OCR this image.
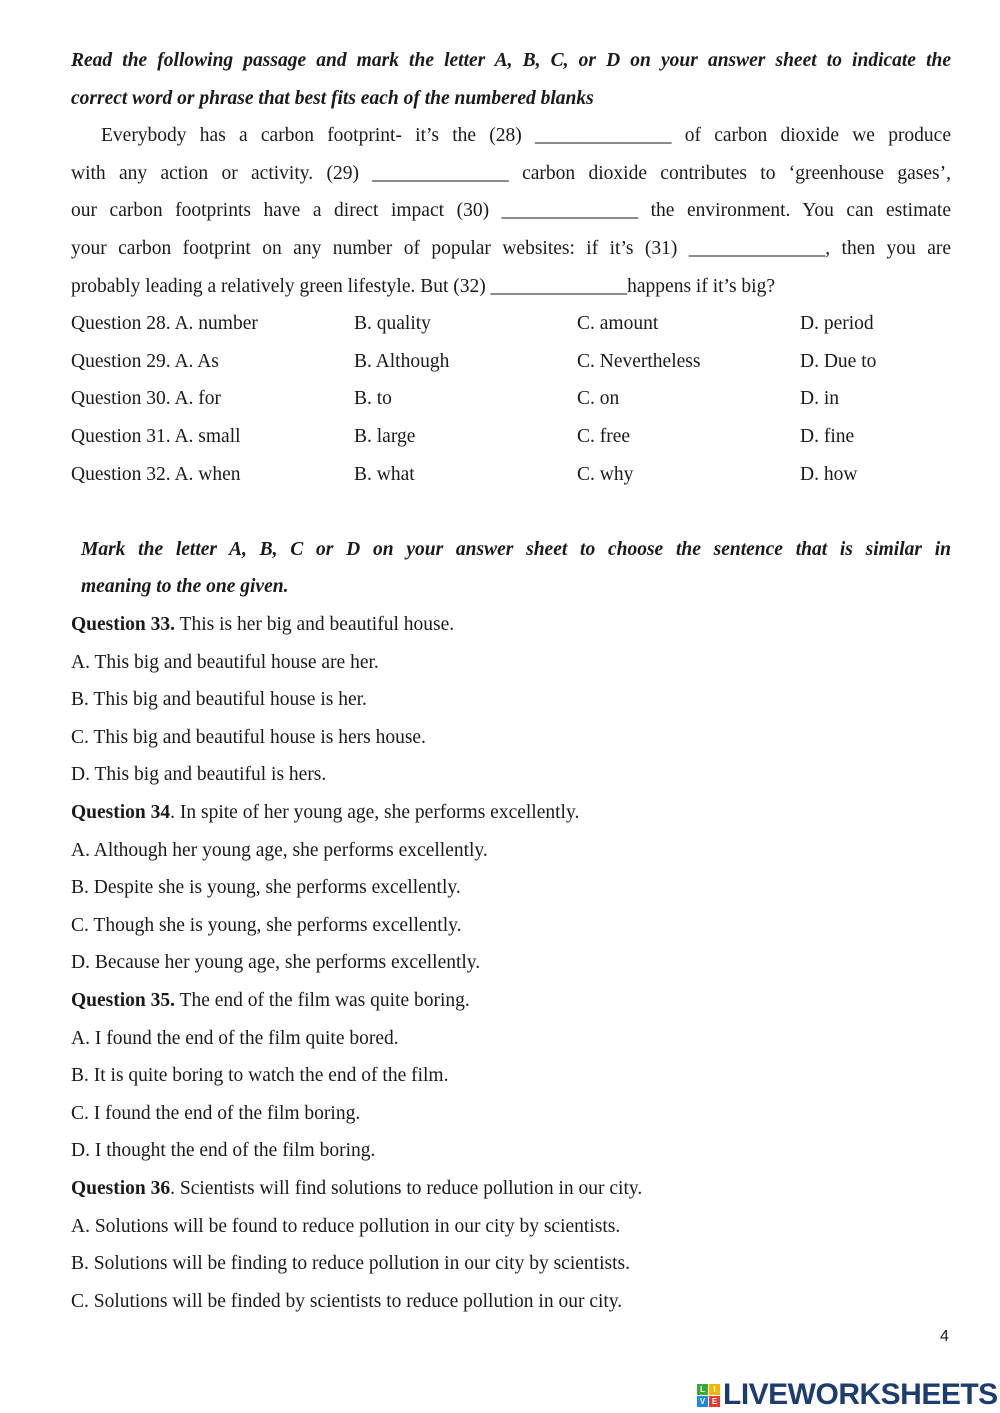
Read the following passage and mark the letter A, B, C, or D on your answer sheet to indicate the
correct word or phrase that best fits each of the numbered blanks
Everybody has a carbon footprint- it’s the (28) ______________ of carbon dioxide we produce
with any action or activity. (29) ______________ carbon dioxide contributes to ‘greenhouse gases’,
our carbon footprints have a direct impact (30) ______________ the environment. You can estimate
your carbon footprint on any number of popular websites: if it’s (31) ______________, then you are
probably leading a relatively green lifestyle. But (32) ______________happens if it’s big?
Question 28. A. number	B. quality	C. amount	D. period
Question 29. A. As	B. Although	C. Nevertheless	D. Due to
Question 30. A. for	B. to	C. on	D. in
Question 31. A. small	B. large	C. free	D. fine
Question 32. A. when	B. what	C. why	D. how
Mark the letter A, B, C or D on your answer sheet to choose the sentence that is similar in
meaning to the one given.
Question 33. This is her big and beautiful house.
A. This big and beautiful house are her.
B. This big and beautiful house is her.
C. This big and beautiful house is hers house.
D. This big and beautiful is hers.
Question 34. In spite of her young age, she performs excellently.
A. Although her young age, she performs excellently.
B. Despite she is young, she performs excellently.
C. Though she is young, she performs excellently.
D. Because her young age, she performs excellently.
Question 35. The end of the film was quite boring.
A. I found the end of the film quite bored.
B. It is quite boring to watch the end of the film.
C. I found the end of the film boring.
D. I thought the end of the film boring.
Question 36. Scientists will find solutions to reduce pollution in our city.
A. Solutions will be found to reduce pollution in our city by scientists.
B. Solutions will be finding to reduce pollution in our city by scientists.
C. Solutions will be finded by scientists to reduce pollution in our city.
4
L	I
V E LIVEWORKSHEETS
